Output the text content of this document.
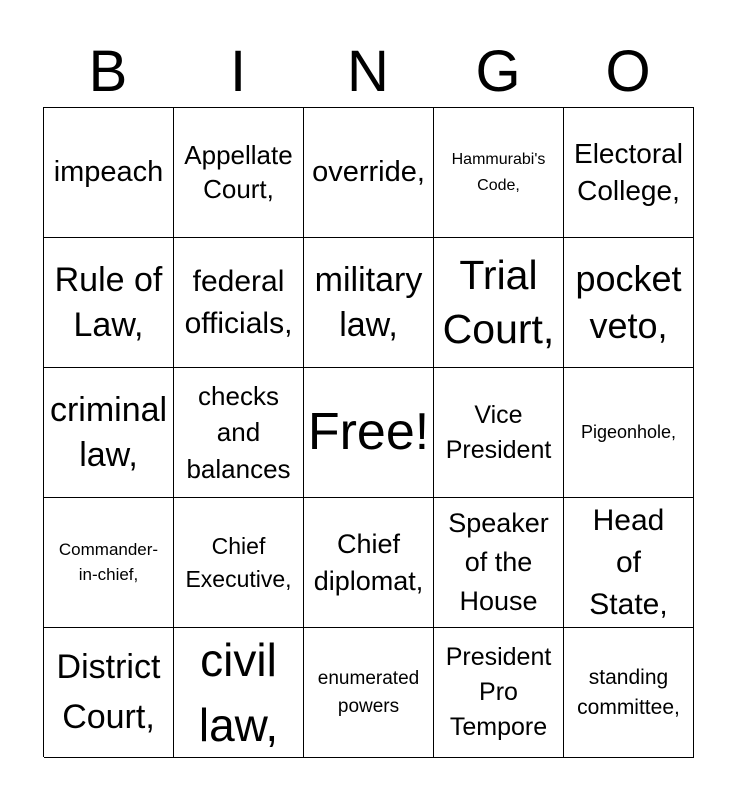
B	I	N	G	O
impeach
Appellate
Court,
override, Hammurabi's
Code,
Electoral
College,
Rule of
Law,
federal
officials,
military
law,
Trial
Court,
pocket
veto,
criminal
law,
checks
and
balances
Free!	Vice
President
Pigeonhole,
Commander-
in-chief,
Chief
Executive,
Chief
diplomat,
Speaker
of the
House
Head
of
State,
District
Court,
civil
law,
enumerated
powers
President
Pro
Tempore
standing
committee,
